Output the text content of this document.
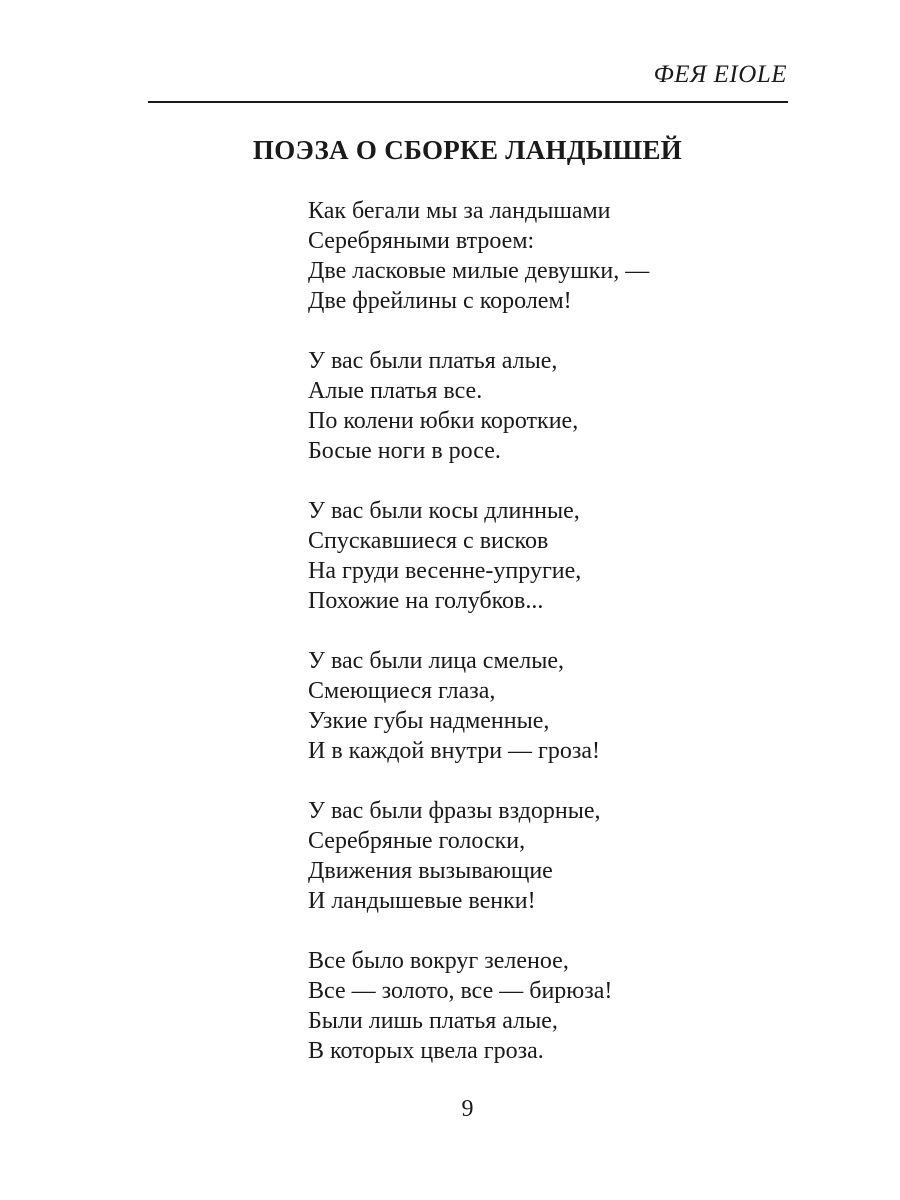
ФЕЯ EIOLE
ПОЭЗА О СБОРКЕ ЛАНДЫШЕЙ
Как бегали мы за ландышами
Серебряными втроем:
Две ласковые милые девушки, —
Две фрейлины с королем!
У вас были платья алые,
Алые платья все.
По колени юбки короткие,
Босые ноги в росе.
У вас были косы длинные,
Спускавшиеся с висков
На груди весенне-упругие,
Похожие на голубков...
У вас были лица смелые,
Смеющиеся глаза,
Узкие губы надменные,
И в каждой внутри — гроза!
У вас были фразы вздорные,
Серебряные голоски,
Движения вызывающие
И ландышевые венки!
Все было вокруг зеленое,
Все — золото, все — бирюза!
Были лишь платья алые,
В которых цвела гроза.
9
